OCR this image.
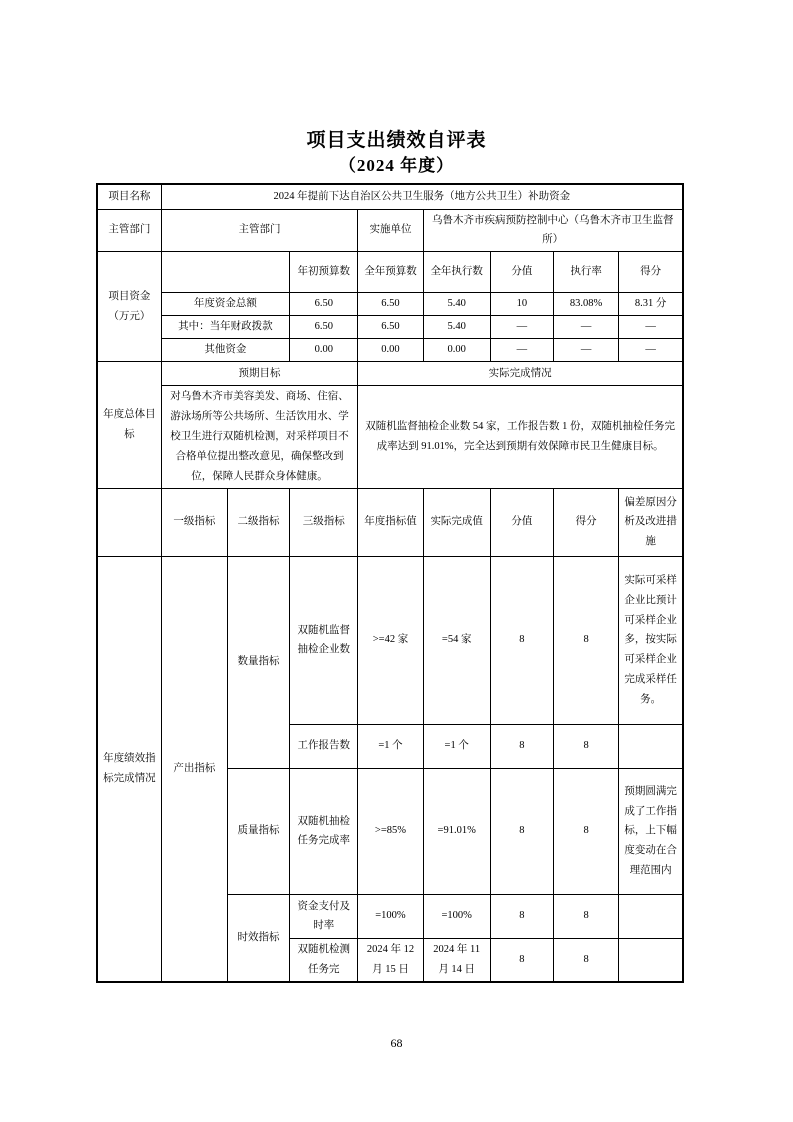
项目支出绩效自评表
（2024 年度）
项目名称	2024 年提前下达自治区公共卫生服务（地方公共卫生）补助资金							
主管部门	主管部门			实施单位	乌鲁木齐市疾病预防控制中心（乌鲁木齐市卫生监督所）			
项目资金（万元）			年初预算数	全年预算数	全年执行数	分值	执行率	得分
	年度资金总额		6.50	6.50	5.40	10	83.08%	8.31 分
	其中：当年财政拨款		6.50	6.50	5.40	—	—	—
	其他资金		0.00	0.00	0.00	—	—	—
年度总体目标	预期目标			实际完成情况				
	对乌鲁木齐市美容美发、商场、住宿、游泳场所等公共场所、生活饮用水、学校卫生进行双随机检测，对采样项目不合格单位提出整改意见，确保整改到位，保障人民群众身体健康。			双随机监督抽检企业数 54 家，工作报告数 1 份，双随机抽检任务完成率达到 91.01%，完全达到预期有效保障市民卫生健康目标。				
	一级指标	二级指标	三级指标	年度指标值	实际完成值	分值	得分	偏差原因分析及改进措施
年度绩效指标完成情况	产出指标	数量指标	双随机监督抽检企业数	>=42 家	=54 家	8	8	实际可采样企业比预计可采样企业多，按实际可采样企业完成采样任务。
			工作报告数	=1 个	=1 个	8	8	
		质量指标	双随机抽检任务完成率	>=85%	=91.01%	8	8	预期圆满完成了工作指标，上下幅度变动在合理范围内
		时效指标	资金支付及时率	=100%	=100%	8	8	
			双随机检测任务完	2024 年 12 月 15 日	2024 年 11 月 14 日	8	8	
68
